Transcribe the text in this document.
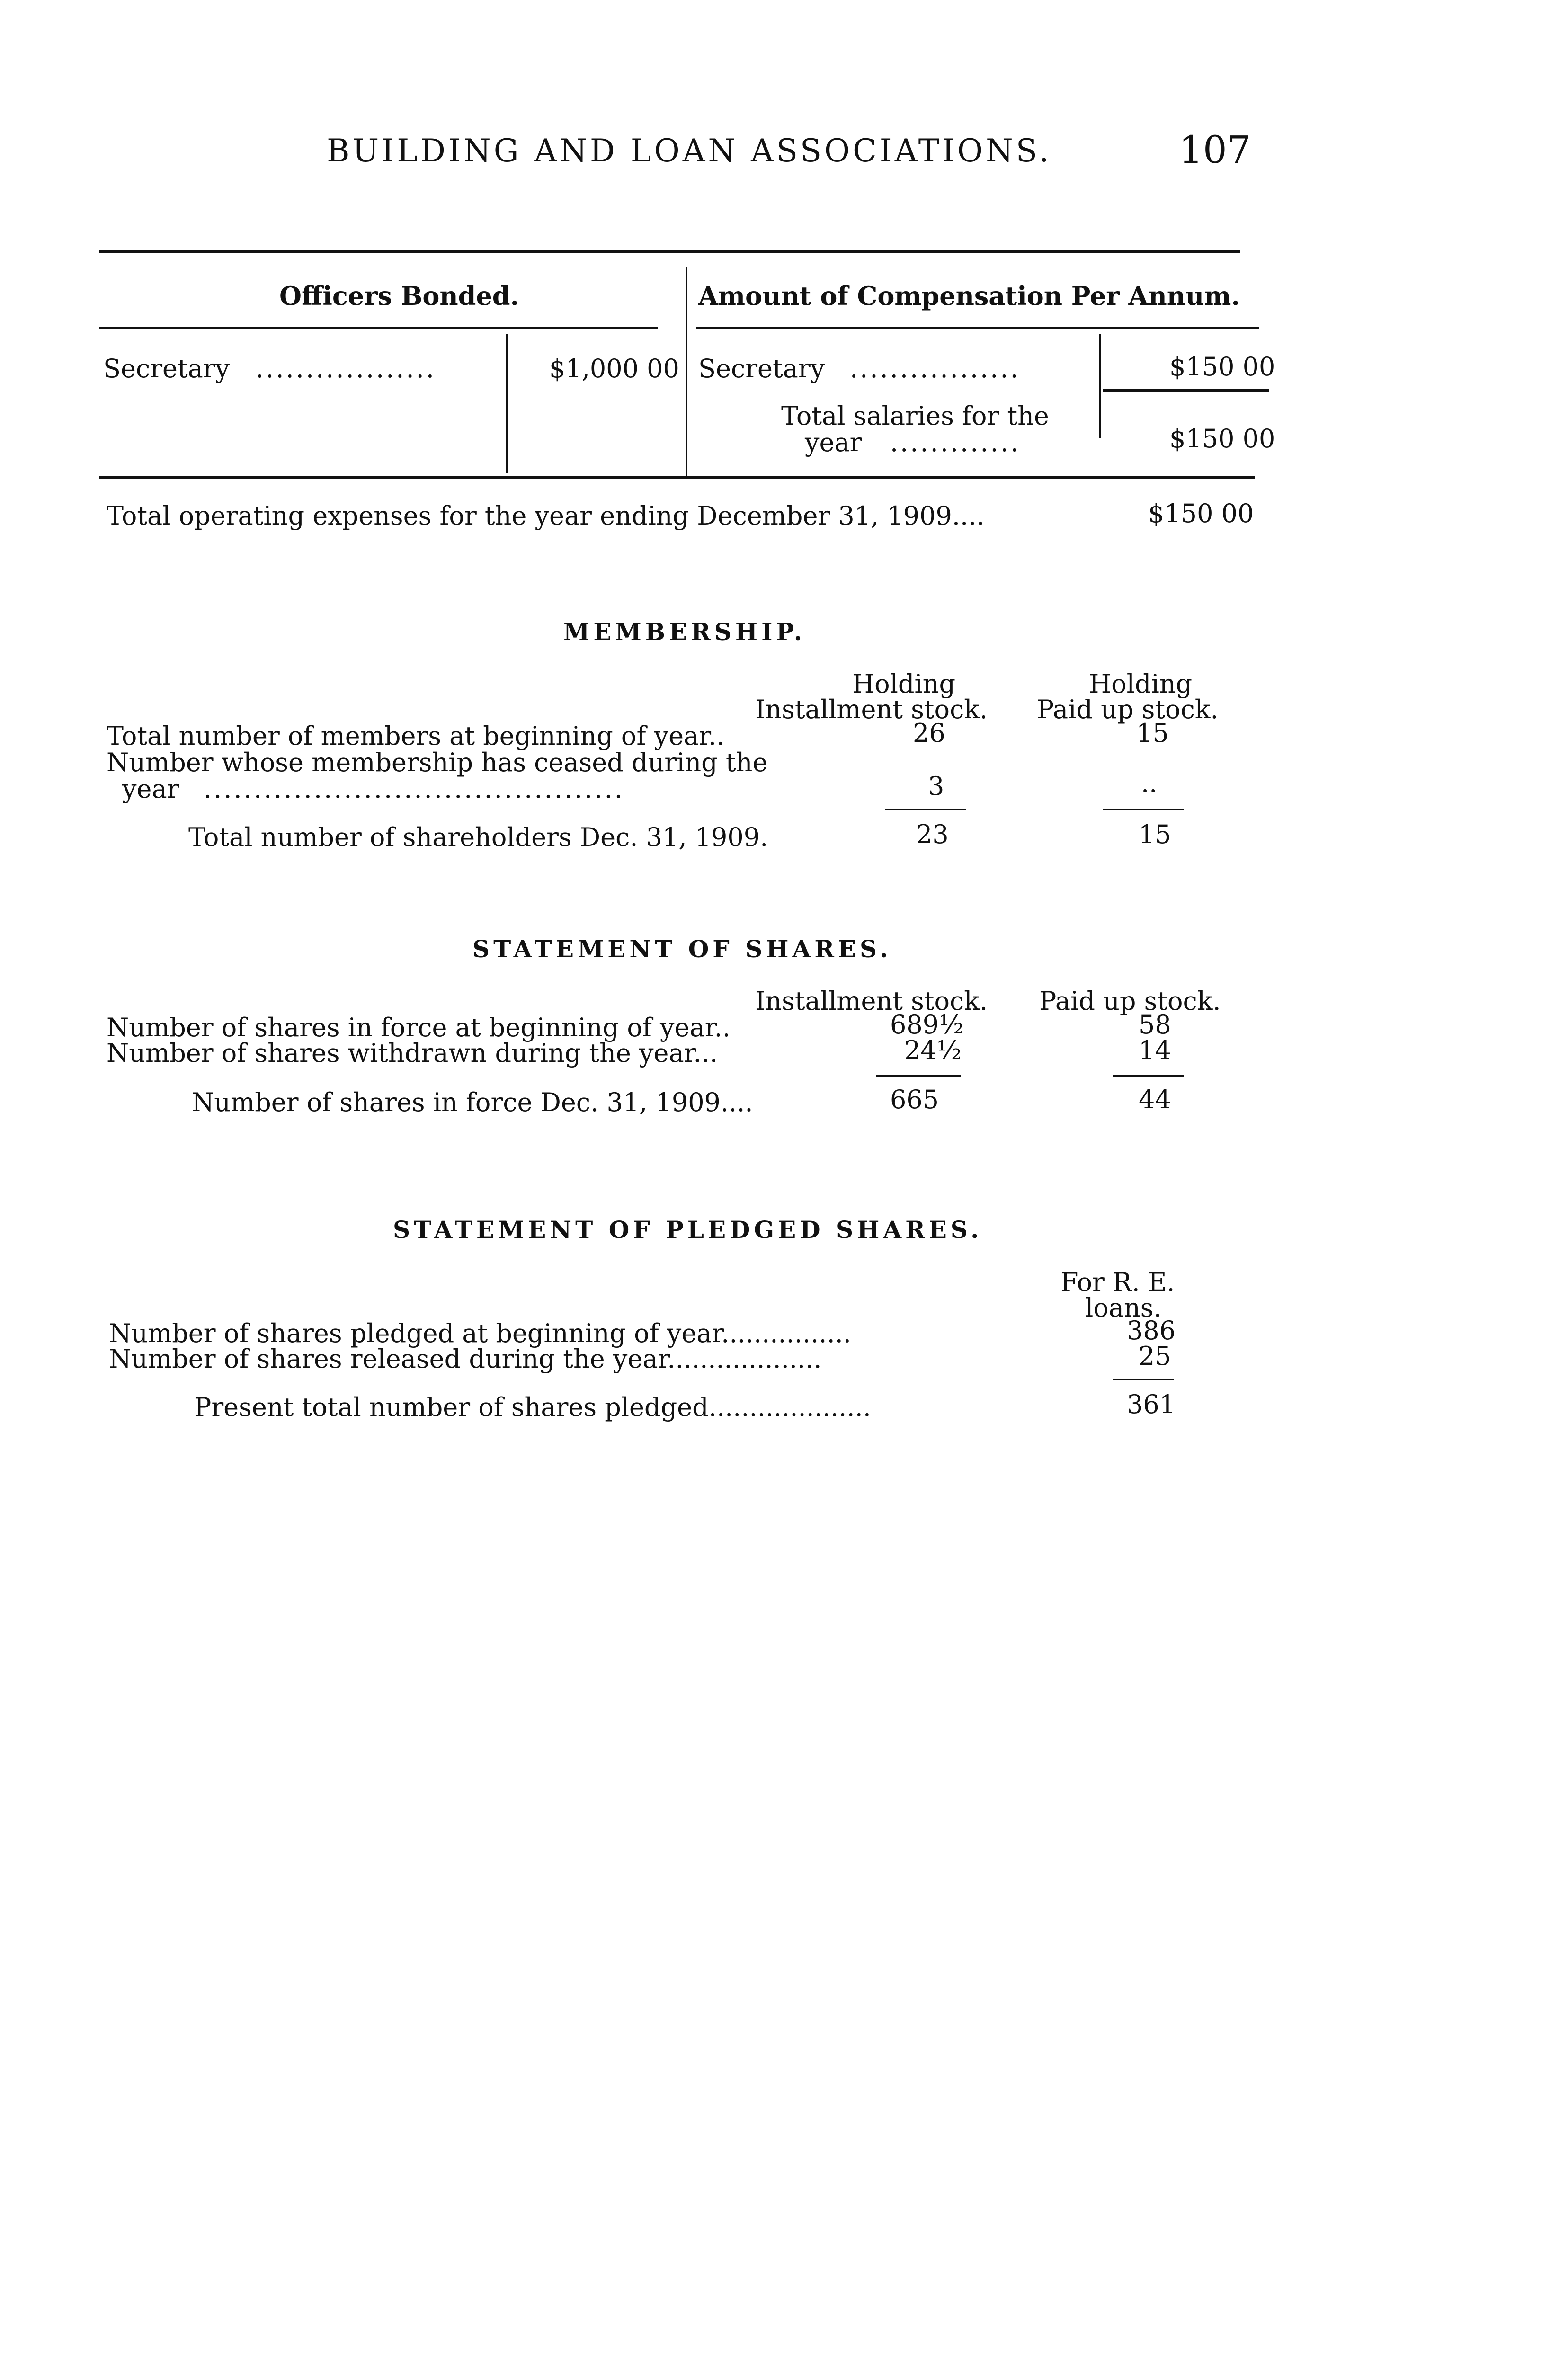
BUILDING AND LOAN ASSOCIATIONS.	107
Officers Bonded.	Amount of Compensation Per Annum.
Secretary ..................	$1,000 00 Secretary .................	$150 00
Total salaries for the
year .............	$150 00
Total operating expenses for the year ending December 31, 1909....	$150 00
MEMBERSHIP.
Holding
Installment stock.
Holding
Paid up stock.
Total number of members at beginning of year..	26	15
Number whose membership has ceased during the
year ..........................................	3	..
Total number of shareholders Dec. 31, 1909.	23	15
STATEMENT OF SHARES.
Installment stock. Paid up stock.
Number of shares in force at beginning of year..	689½	58
Number of shares withdrawn during the year...	24½	14
Number of shares in force Dec. 31, 1909....	665	44
STATEMENT OF PLEDGED SHARES.
For R. E.
loans.
Number of shares pledged at beginning of year................	386
Number of shares released during the year...................	25
Present total number of shares pledged....................	361
